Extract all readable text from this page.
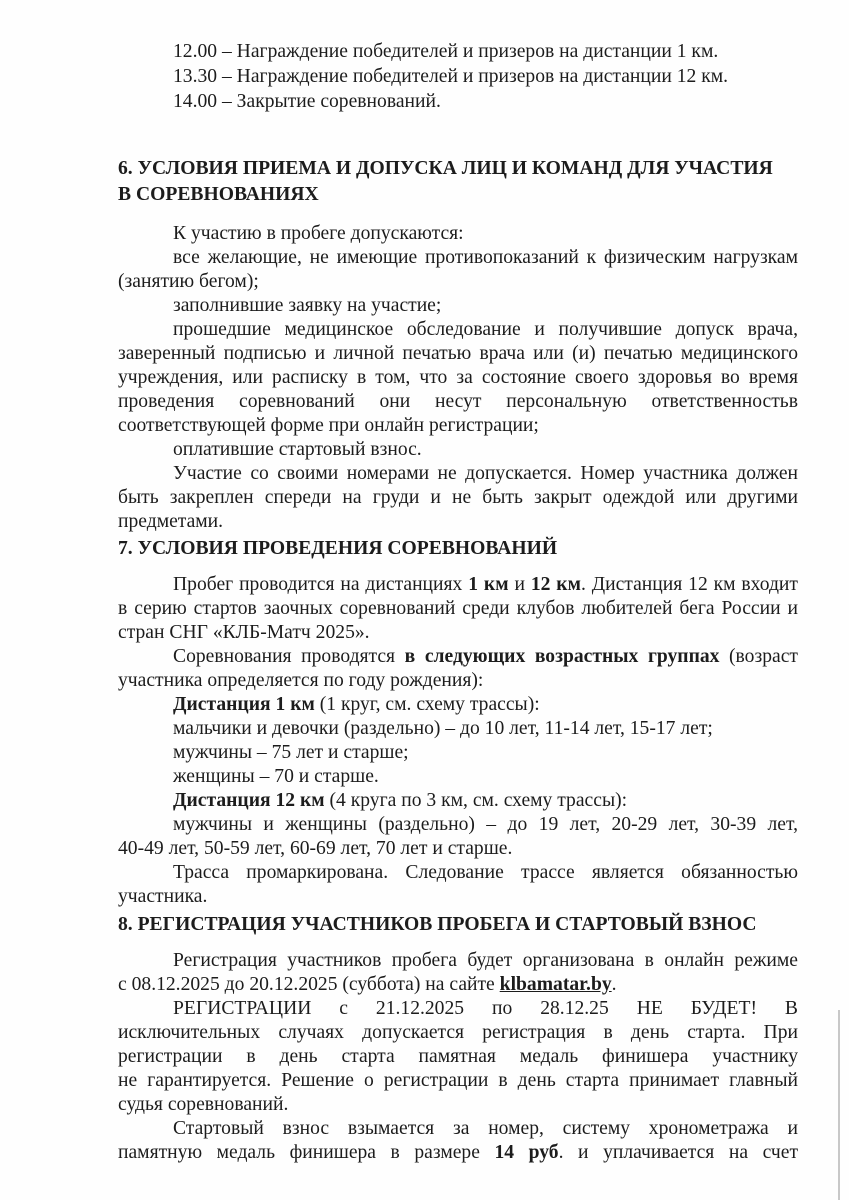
12.00 – Награждение победителей и призеров на дистанции 1 км.
13.30 – Награждение победителей и призеров на дистанции 12 км.
14.00 – Закрытие соревнований.
6. УСЛОВИЯ ПРИЕМА И ДОПУСКА ЛИЦ И КОМАНД ДЛЯ УЧАСТИЯ
В СОРЕВНОВАНИЯХ
К участию в пробеге допускаются:
все желающие, не имеющие противопоказаний к физическим нагрузкам
(занятию бегом);
заполнившие заявку на участие;
прошедшие медицинское обследование и получившие допуск врача,
заверенный подписью и личной печатью врача или (и) печатью медицинского
учреждения, или расписку в том, что за состояние своего здоровья во время
проведения соревнований они несут персональную ответственностьв
соответствующей форме при онлайн регистрации;
оплатившие стартовый взнос.
Участие со своими номерами не допускается. Номер участника должен
быть закреплен спереди на груди и не быть закрыт одеждой или другими
предметами.
7. УСЛОВИЯ ПРОВЕДЕНИЯ СОРЕВНОВАНИЙ
Пробег проводится на дистанциях 1 км и 12 км. Дистанция 12 км входит
в серию стартов заочных соревнований среди клубов любителей бега России и
стран СНГ «КЛБ-Матч 2025».
Соревнования проводятся в следующих возрастных группах (возраст
участника определяется по году рождения):
Дистанция 1 км (1 круг, см. схему трассы):
мальчики и девочки (раздельно) – до 10 лет, 11-14 лет, 15-17 лет;
мужчины – 75 лет и старше;
женщины – 70 и старше.
Дистанция 12 км (4 круга по 3 км, см. схему трассы):
мужчины и женщины (раздельно) – до 19 лет, 20-29 лет, 30-39 лет,
40-49 лет, 50-59 лет, 60-69 лет, 70 лет и старше.
Трасса промаркирована. Следование трассе является обязанностью
участника.
8. РЕГИСТРАЦИЯ УЧАСТНИКОВ ПРОБЕГА И СТАРТОВЫЙ ВЗНОС
Регистрация участников пробега будет организована в онлайн режиме
с 08.12.2025 до 20.12.2025 (суббота) на сайте klbamatar.by.
РЕГИСТРАЦИИ с 21.12.2025 по 28.12.25 НЕ БУДЕТ! В
исключительных случаях допускается регистрация в день старта. При
регистрации в день старта памятная медаль финишера участнику
не гарантируется. Решение о регистрации в день старта принимает главный
судья соревнований.
Стартовый взнос взымается за номер, систему хронометража и
памятную медаль финишера в размере 14 руб. и уплачивается на счет
